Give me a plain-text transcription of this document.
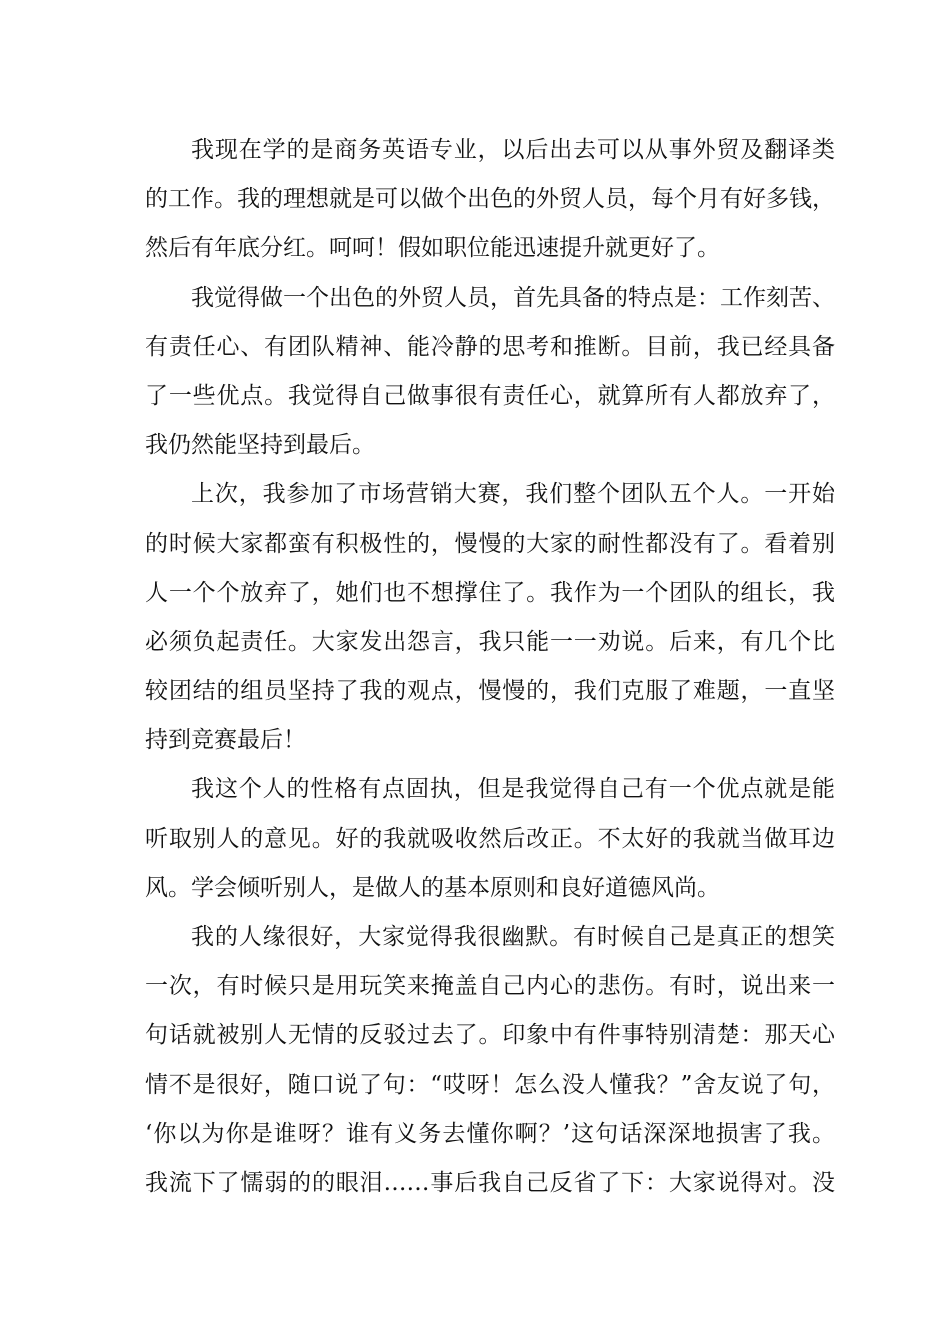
我现在学的是商务英语专业，以后出去可以从事外贸及翻译类
的工作。我的理想就是可以做个出色的外贸人员，每个月有好多钱，
然后有年底分红。呵呵！假如职位能迅速提升就更好了。
我觉得做一个出色的外贸人员，首先具备的特点是：工作刻苦、
有责任心、有团队精神、能冷静的思考和推断。目前，我已经具备
了一些优点。我觉得自己做事很有责任心，就算所有人都放弃了，
我仍然能坚持到最后。
上次，我参加了市场营销大赛，我们整个团队五个人。一开始
的时候大家都蛮有积极性的，慢慢的大家的耐性都没有了。看着别
人一个个放弃了，她们也不想撑住了。我作为一个团队的组长，我
必须负起责任。大家发出怨言，我只能一一劝说。后来，有几个比
较团结的组员坚持了我的观点，慢慢的，我们克服了难题，一直坚
持到竞赛最后！
我这个人的性格有点固执，但是我觉得自己有一个优点就是能
听取别人的意见。好的我就吸收然后改正。不太好的我就当做耳边
风。学会倾听别人，是做人的基本原则和良好道德风尚。
我的人缘很好，大家觉得我很幽默。有时候自己是真正的想笑
一次，有时候只是用玩笑来掩盖自己内心的悲伤。有时，说出来一
句话就被别人无情的反驳过去了。印象中有件事特别清楚：那天心
情不是很好，随口说了句：“哎呀！怎么没人懂我？”舍友说了句，
‘你以为你是谁呀？谁有义务去懂你啊？’这句话深深地损害了我。
我流下了懦弱的的眼泪……事后我自己反省了下：大家说得对。没
